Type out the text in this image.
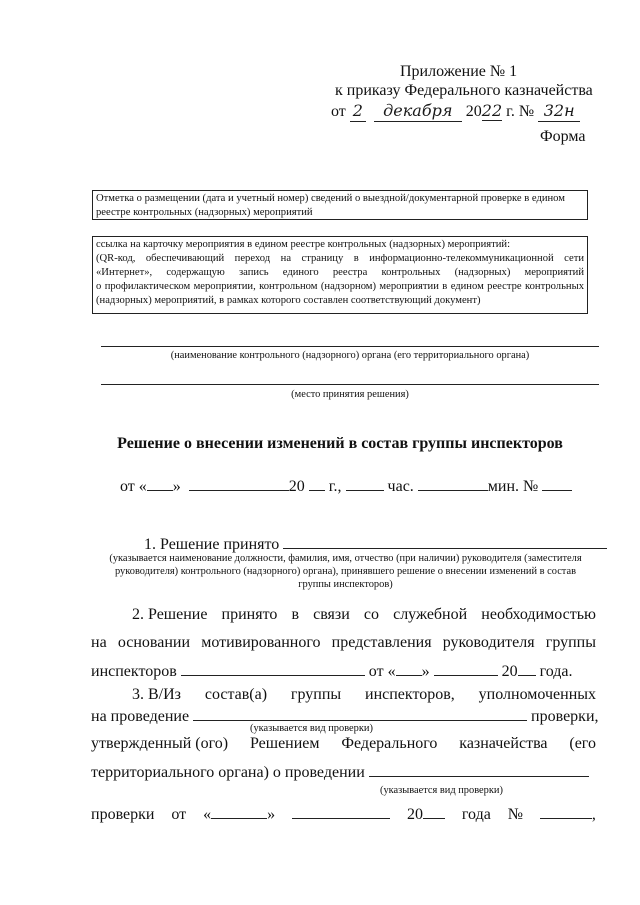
Приложение № 1
к приказу Федерального казначейства
от 2 декабря 2022 г. № 32н
Форма
Отметка о размещении (дата и учетный номер) сведений о выездной/документарной проверке в едином реестре контрольных (надзорных) мероприятий
ссылка на карточку мероприятия в едином реестре контрольных (надзорных) мероприятий:
(QR-код, обеспечивающий переход на страницу в информационно-телекоммуникационной сети
«Интернет», содержащую запись единого реестра контрольных (надзорных) мероприятий
о профилактическом мероприятии, контрольном (надзорном) мероприятии в едином реестре контрольных
(надзорных) мероприятий, в рамках которого составлен соответствующий документ)
(наименование контрольного (надзорного) органа (его территориального органа)
(место принятия решения)
Решение о внесении изменений в состав группы инспекторов
от « »	20 г.,	час.	мин. №
1. Решение принято
(указывается наименование должности, фамилия, имя, отчество (при наличии) руководителя (заместителя
руководителя) контрольного (надзорного) органа), принявшего решение о внесении изменений в состав
группы инспекторов)
2. Решение принято в связи со служебной необходимостью
на основании мотивированного представления руководителя группы
инспекторов	от « »	20 года.
3. В/Из состав(а) группы инспекторов, уполномоченных
на проведение	проверки,
(указывается вид проверки)
утвержденный (ого) Решением Федерального казначейства (его
территориального органа) о проведении
(указывается вид проверки)
проверки от «	»	20	года №	,
